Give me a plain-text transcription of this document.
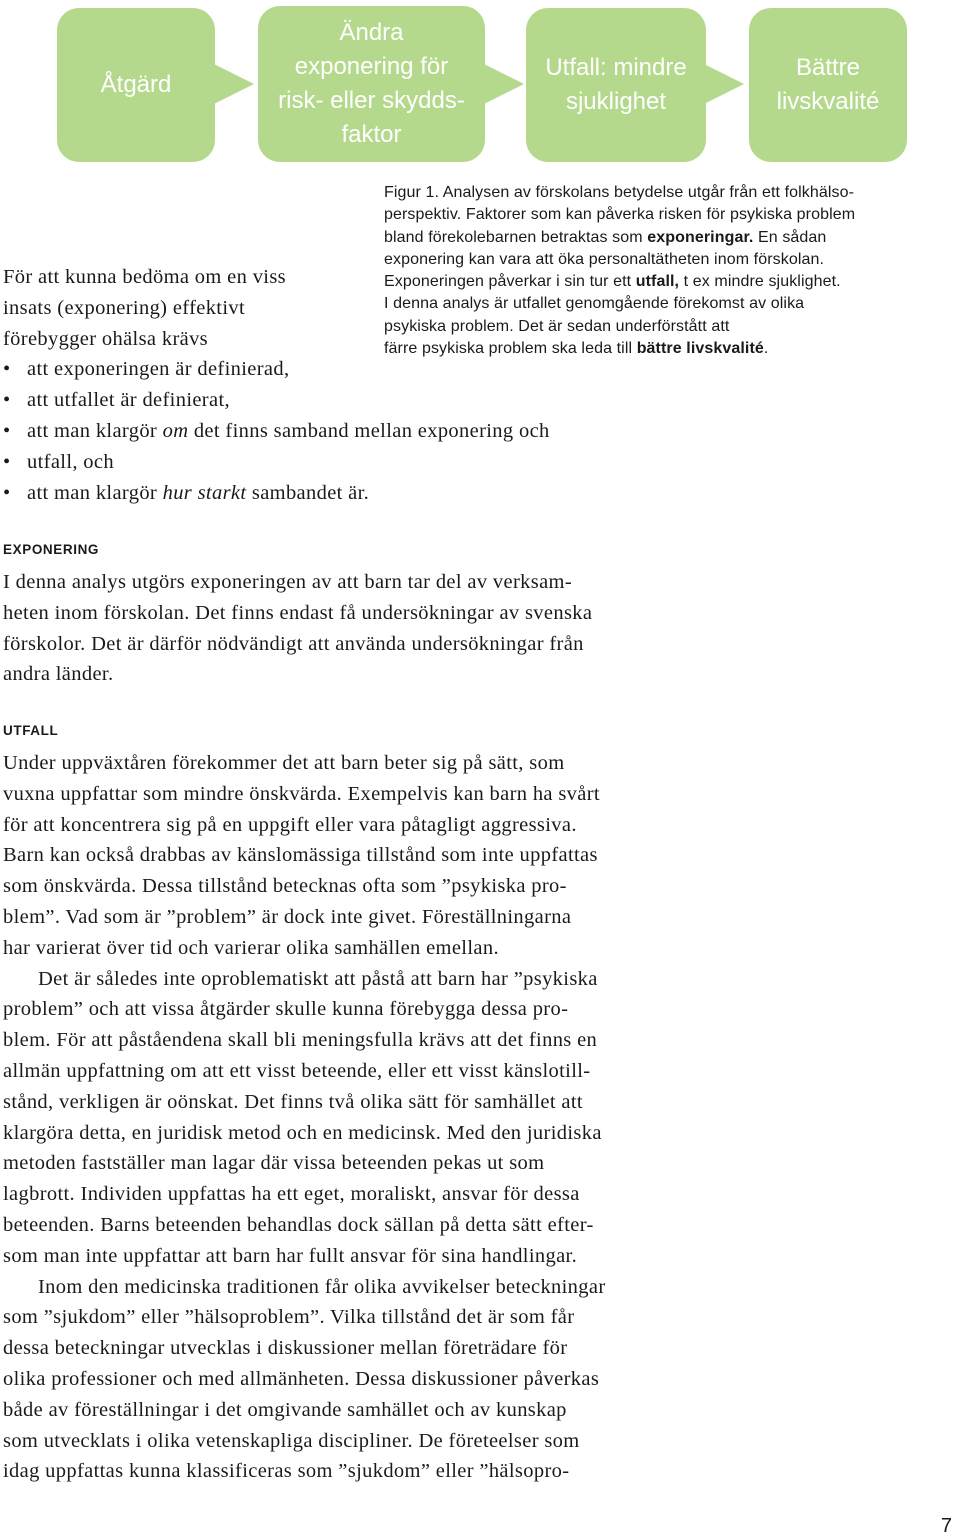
Åtgärd
Ändra
exponering för
risk- eller skydds-
faktor
Utfall: mindre
sjuklighet
Bättre
livskvalité
Figur 1. Analysen av förskolans betydelse utgår från ett folkhälso-
perspektiv. Faktorer som kan påverka risken för psykiska problem
bland förekolebarnen betraktas som exponeringar. En sådan
exponering kan vara att öka personaltätheten inom förskolan.
Exponeringen påverkar i sin tur ett utfall, t ex mindre sjuklighet.
I denna analys är utfallet genomgående förekomst av olika
psykiska problem. Det är sedan underförstått att
färre psykiska problem ska leda till bättre livskvalité.
För att kunna bedöma om en viss
insats (exponering) effektivt
förebygger ohälsa krävs
• att exponeringen är definierad,
• att utfallet är definierat,
• att man klargör om det finns samband mellan exponering och
• utfall, och
• att man klargör hur starkt sambandet är.
EXPONERING
I denna analys utgörs exponeringen av att barn tar del av verksam-
heten inom förskolan. Det finns endast få undersökningar av svenska
förskolor. Det är därför nödvändigt att använda undersökningar från
andra länder.
UTFALL
Under uppväxtåren förekommer det att barn beter sig på sätt, som
vuxna uppfattar som mindre önskvärda. Exempelvis kan barn ha svårt
för att koncentrera sig på en uppgift eller vara påtagligt aggressiva.
Barn kan också drabbas av känslomässiga tillstånd som inte uppfattas
som önskvärda. Dessa tillstånd betecknas ofta som ”psykiska pro-
blem”. Vad som är ”problem” är dock inte givet. Föreställningarna
har varierat över tid och varierar olika samhällen emellan.
Det är således inte oproblematiskt att påstå att barn har ”psykiska
problem” och att vissa åtgärder skulle kunna förebygga dessa pro-
blem. För att påståendena skall bli meningsfulla krävs att det finns en
allmän uppfattning om att ett visst beteende, eller ett visst känslotill-
stånd, verkligen är oönskat. Det finns två olika sätt för samhället att
klargöra detta, en juridisk metod och en medicinsk. Med den juridiska
metoden fastställer man lagar där vissa beteenden pekas ut som
lagbrott. Individen uppfattas ha ett eget, moraliskt, ansvar för dessa
beteenden. Barns beteenden behandlas dock sällan på detta sätt efter-
som man inte uppfattar att barn har fullt ansvar för sina handlingar.
Inom den medicinska traditionen får olika avvikelser beteckningar
som ”sjukdom” eller ”hälsoproblem”. Vilka tillstånd det är som får
dessa beteckningar utvecklas i diskussioner mellan företrädare för
olika professioner och med allmänheten. Dessa diskussioner påverkas
både av föreställningar i det omgivande samhället och av kunskap
som utvecklats i olika vetenskapliga discipliner. De företeelser som
idag uppfattas kunna klassificeras som ”sjukdom” eller ”hälsopro-
7
